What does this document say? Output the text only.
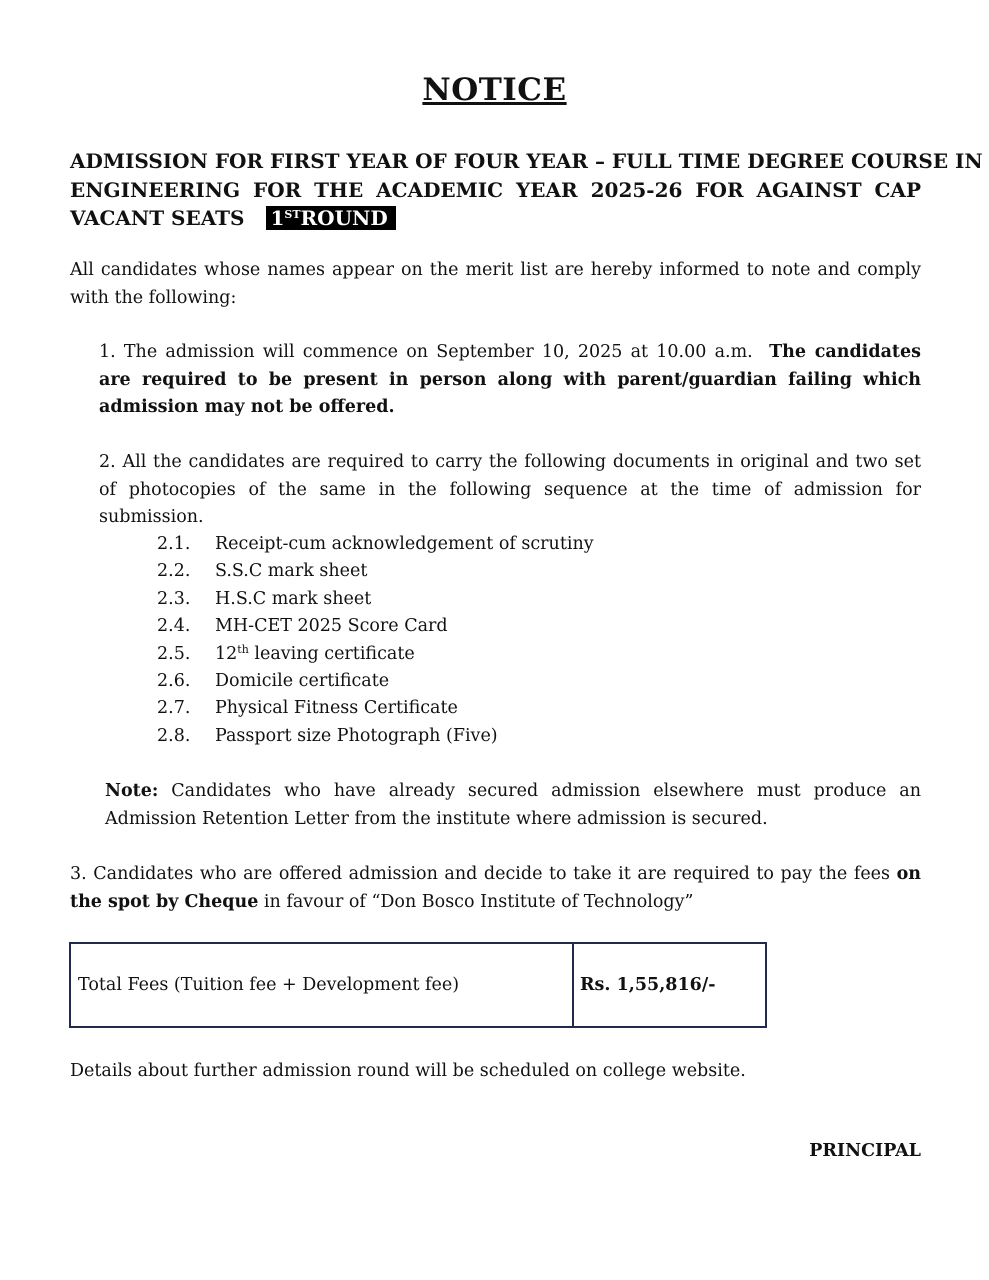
NOTICE
ADMISSION FOR FIRST YEAR OF FOUR YEAR – FULL TIME DEGREE COURSE IN
ENGINEERING FOR THE ACADEMIC YEAR 2025-26 FOR AGAINST CAP
VACANT SEATS 1STROUND
All candidates whose names appear on the merit list are hereby informed to note and comply with the following:
1. The admission will commence on September 10, 2025 at 10.00 a.m. The candidates are required to be present in person along with parent/guardian failing which admission may not be offered.
2. All the candidates are required to carry the following documents in original and two set of photocopies of the same in the following sequence at the time of admission for submission.
2.1.	Receipt-cum acknowledgement of scrutiny
2.2.	S.S.C mark sheet
2.3.	H.S.C mark sheet
2.4.	MH-CET 2025 Score Card
2.5.	12th leaving certificate
2.6.	Domicile certificate
2.7.	Physical Fitness Certificate
2.8.	Passport size Photograph (Five)
Note: Candidates who have already secured admission elsewhere must produce an Admission Retention Letter from the institute where admission is secured.
3. Candidates who are offered admission and decide to take it are required to pay the fees on the spot by Cheque in favour of “Don Bosco Institute of Technology”
Total Fees (Tuition fee + Development fee)	Rs. 1,55,816/-
Details about further admission round will be scheduled on college website.
PRINCIPAL
